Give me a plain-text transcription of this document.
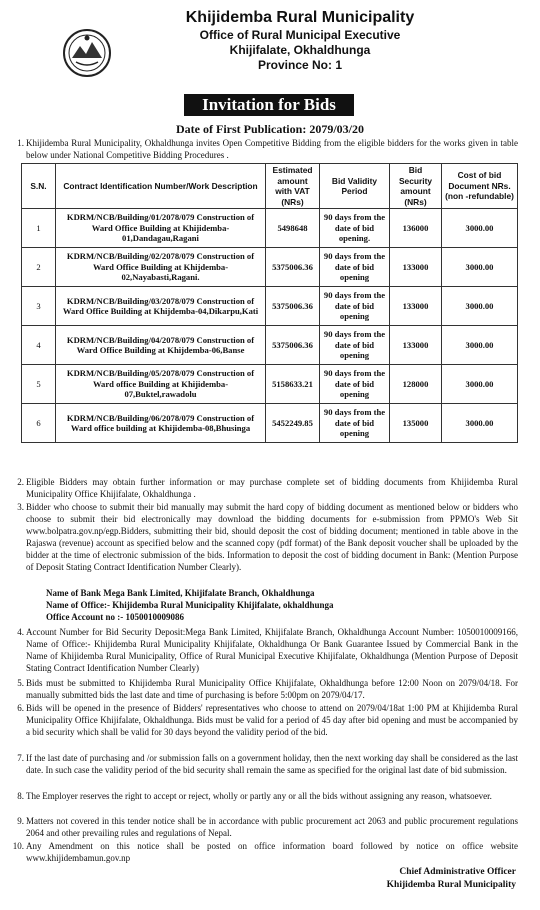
Khijidemba Rural Municipality
Office of Rural Municipal Executive
Khijifalate, Okhaldhunga
Province No: 1
Invitation for Bids
Date of First Publication: 2079/03/20
1. Khijidemba Rural Municipality, Okhaldhunga invites Open Competitive Bidding from the eligible bidders for the works given in table below under National Competitive Bidding Procedures .
S.N.	Contract Identification Number/Work Description	Estimated amount with VAT (NRs)	Bid Validity Period	Bid Security amount (NRs)	Cost of bid Document NRs.(non -refundable)
1	KDRM/NCB/Building/01/2078/079 Construction of Ward Office Building at Khijidemba-01,Dandagau,Ragani	5498648	90 days from the date of bid opening.	136000	3000.00
2	KDRM/NCB/Building/02/2078/079 Construction of Ward Office Building at Khijdemba-02,Nayabasti,Ragani.	5375006.36	90 days from the date of bid opening	133000	3000.00
3	KDRM/NCB/Building/03/2078/079 Construction of Ward Office Building at Khijdemba-04,Dikarpu,Kati	5375006.36	90 days from the date of bid opening	133000	3000.00
4	KDRM/NCB/Building/04/2078/079 Construction of Ward Office Building at Khijdemba-06,Banse	5375006.36	90 days from the date of bid opening	133000	3000.00
5	KDRM/NCB/Building/05/2078/079 Construction of Ward office Building at Khijidemba-07,Buktel,rawadolu	5158633.21	90 days from the date of bid opening	128000	3000.00
6	KDRM/NCB/Building/06/2078/079 Construction of Ward office building at Khijidemba-08,Bhusinga	5452249.85	90 days from the date of bid opening	135000	3000.00
2. Eligible Bidders may obtain further information or may purchase complete set of bidding documents from Khijidemba Rural Municipality Office Khijifalate, Okhaldhunga .
3. Bidder who choose to submit their bid manually may submit the hard copy of bidding document as mentioned below or bidders who choose to submit their bid electronically may download the bidding documents for e-submission from PPMO's Web Sit www.bolpatra.gov.np/egp.Bidders, submitting their bid, should deposit the cost of bidding document; mentioned in table above in the Rajaswa (revenue) account as specified below and the scanned copy (pdf format) of the Bank deposit voucher shall be uploaded by the bidder at the time of electronic submission of the bids. Information to deposit the cost of bidding document in Bank: (Mention Purpose of Deposit Stating Contract Identification Number Clearly).
Name of Bank Mega Bank Limited, Khijifalate Branch, Okhaldhunga
Name of Office:- Khijidemba Rural Municipality Khijifalate, okhaldhunga
Office Account no :- 1050010009086
4. Account Number for Bid Security Deposit:Mega Bank Limited, Khijifalate Branch, Okhaldhunga Account Number: 1050010009166, Name of Office:- Khijidemba Rural Municipality Khijifalate, Okhaldhunga Or Bank Guarantee Issued by Commercial Bank in the Name of Khijidemba Rural Municipality, Office of Rural Municipal Executive Khijifalate, Okhaldhunga (Mention Purpose of Deposit Stating Contract Identification Number Clearly)
5. Bids must be submitted to Khijidemba Rural Municipality Office Khijifalate, Okhaldhunga before 12:00 Noon on 2079/04/18. For manually submitted bids the last date and time of purchasing is before 5:00pm on 2079/04/17.
6. Bids will be opened in the presence of Bidders' representatives who choose to attend on 2079/04/18at 1:00 PM at Khijidemba Rural Municipality Office Khijifalate, Okhaldhunga. Bids must be valid for a period of 45 day after bid opening and must be accompanied by a bid security which shall be valid for 30 days beyond the validity period of the bid.
7. If the last date of purchasing and /or submission falls on a government holiday, then the next working day shall be considered as the last date. In such case the validity period of the bid security shall remain the same as specified for the original last date of bid submission.
8. The Employer reserves the right to accept or reject, wholly or partly any or all the bids without assigning any reason, whatsoever.
9. Matters not covered in this tender notice shall be in accordance with public procurement act 2063 and public procurement regulations 2064 and other prevailing rules and regulations of Nepal.
10. Any Amendment on this notice shall be posted on office information board followed by notice on office website www.khijidembamun.gov.np
Chief Administrative Officer
Khijidemba Rural Municipality
